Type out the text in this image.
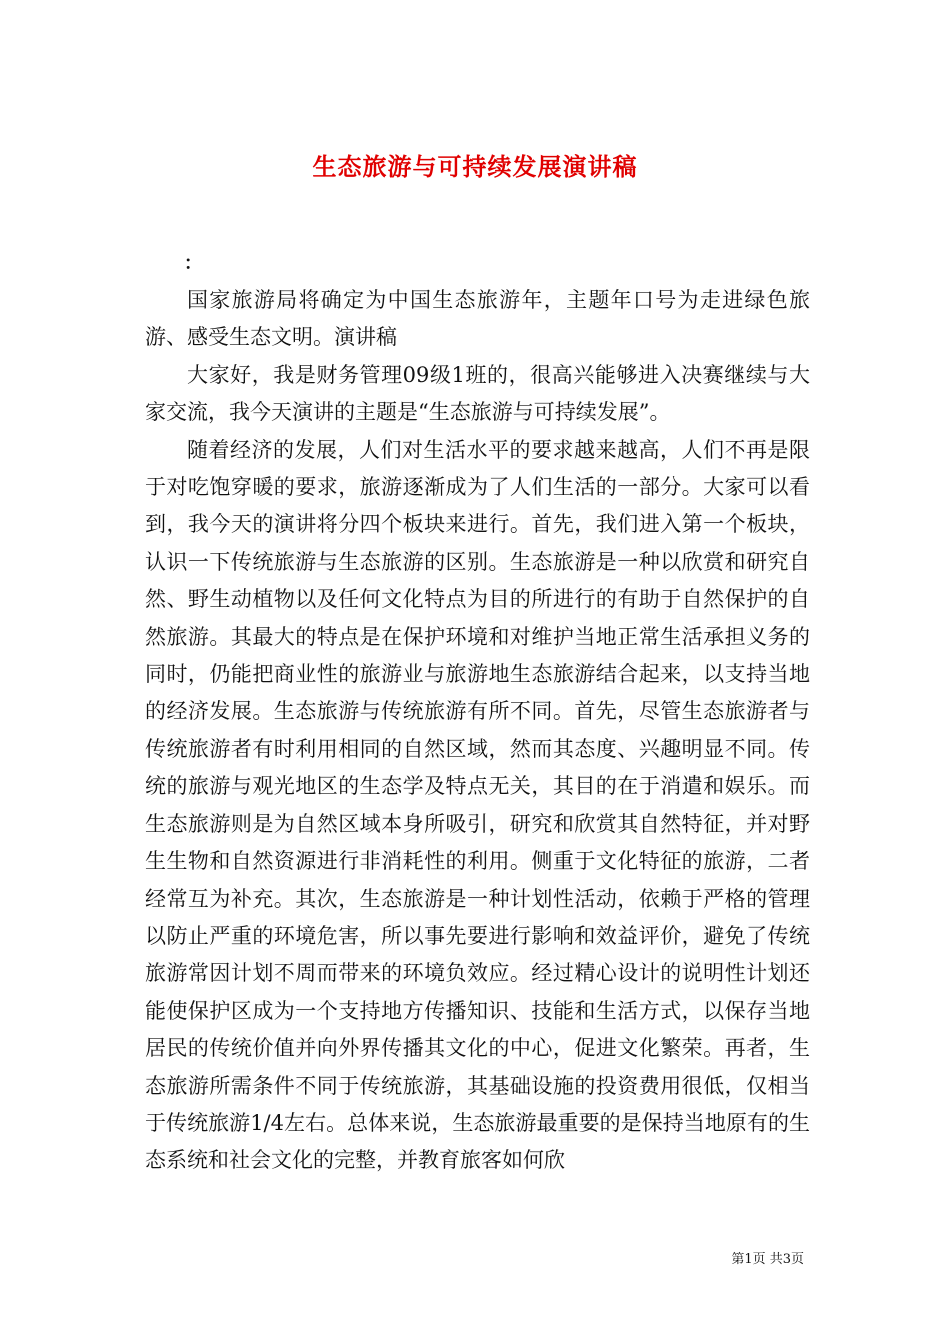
生态旅游与可持续发展演讲稿
：

国家旅游局将确定为中国生态旅游年，主题年口号为走进绿色旅游、感受生态文明。演讲稿

大家好，我是财务管理09级1班的，很高兴能够进入决赛继续与大家交流，我今天演讲的主题是“生态旅游与可持续发展”。

随着经济的发展，人们对生活水平的要求越来越高，人们不再是限于对吃饱穿暖的要求，旅游逐渐成为了人们生活的一部分。大家可以看到，我今天的演讲将分四个板块来进行。首先，我们进入第一个板块，认识一下传统旅游与生态旅游的区别。生态旅游是一种以欣赏和研究自然、野生动植物以及任何文化特点为目的所进行的有助于自然保护的自然旅游。其最大的特点是在保护环境和对维护当地正常生活承担义务的同时，仍能把商业性的旅游业与旅游地生态旅游结合起来，以支持当地的经济发展。生态旅游与传统旅游有所不同。首先，尽管生态旅游者与传统旅游者有时利用相同的自然区域，然而其态度、兴趣明显不同。传统的旅游与观光地区的生态学及特点无关，其目的在于消遣和娱乐。而生态旅游则是为自然区域本身所吸引，研究和欣赏其自然特征，并对野生生物和自然资源进行非消耗性的利用。侧重于文化特征的旅游，二者经常互为补充。其次，生态旅游是一种计划性活动，依赖于严格的管理以防止严重的环境危害，所以事先要进行影响和效益评价，避免了传统旅游常因计划不周而带来的环境负效应。经过精心设计的说明性计划还能使保护区成为一个支持地方传播知识、技能和生活方式，以保存当地居民的传统价值并向外界传播其文化的中心，促进文化繁荣。再者，生态旅游所需条件不同于传统旅游，其基础设施的投资费用很低，仅相当于传统旅游1/4左右。总体来说，生态旅游最重要的是保持当地原有的生态系统和社会文化的完整，并教育旅客如何欣

第1页 共3页
